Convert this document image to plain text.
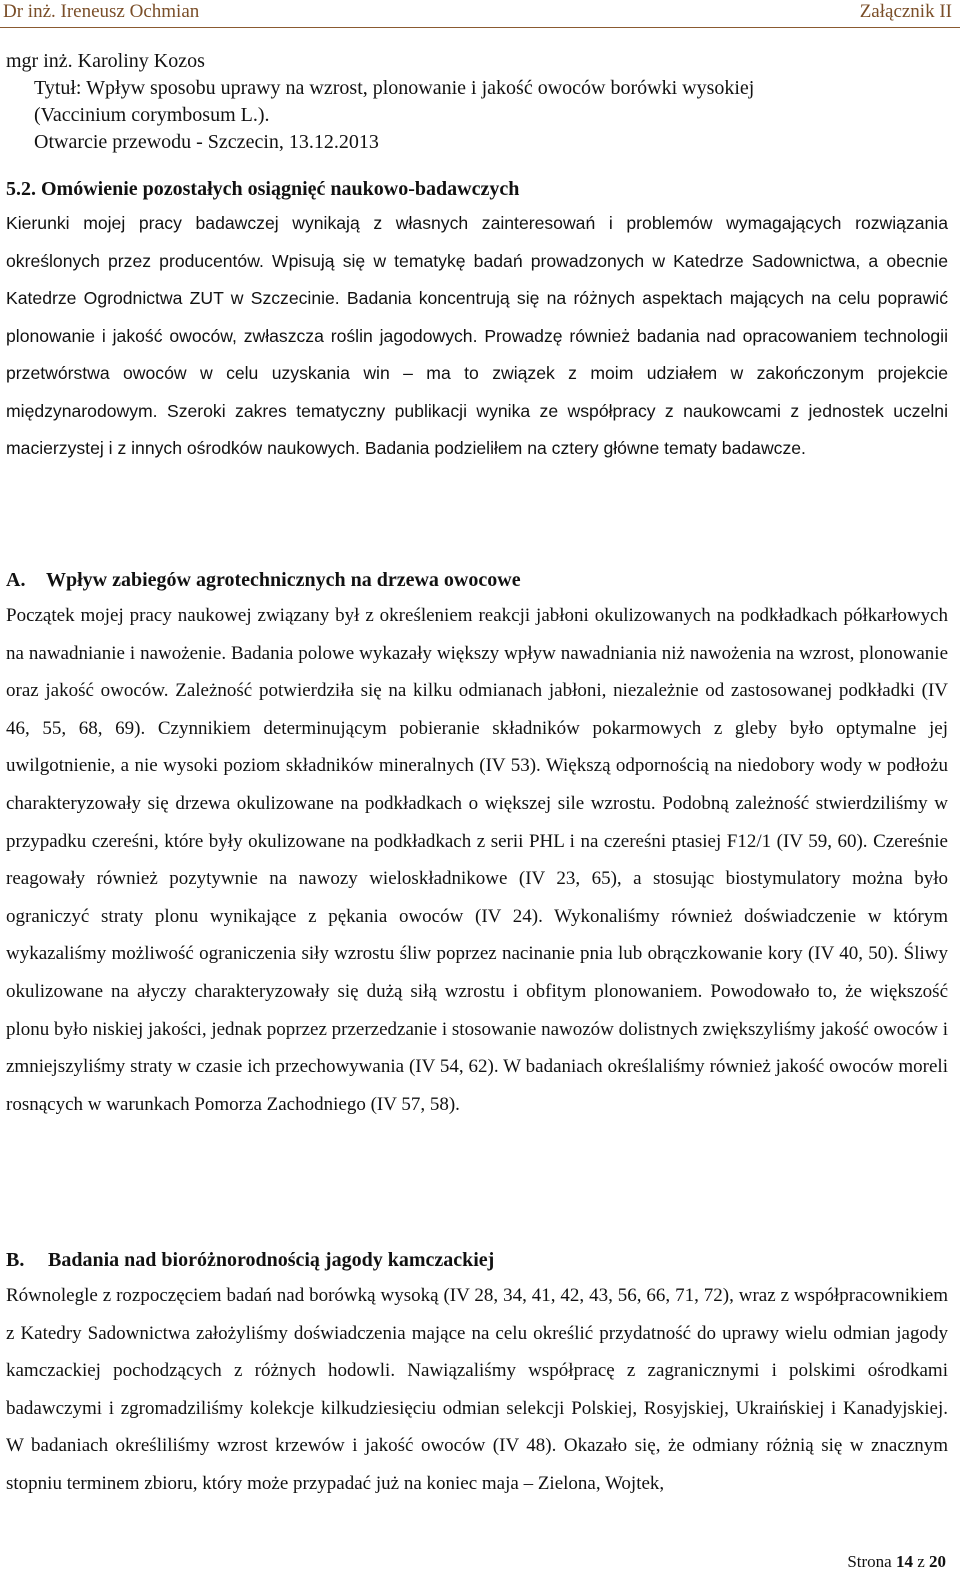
Dr inż. Ireneusz Ochmian	Załącznik II
mgr inż. Karoliny Kozos
Tytuł: Wpływ sposobu uprawy na wzrost, plonowanie i jakość owoców borówki wysokiej
(Vaccinium corymbosum L.).
Otwarcie przewodu - Szczecin, 13.12.2013
5.2. Omówienie pozostałych osiągnięć naukowo-badawczych
Kierunki mojej pracy badawczej wynikają z własnych zainteresowań i problemów wymagających rozwiązania określonych przez producentów. Wpisują się w tematykę badań prowadzonych w Katedrze Sadownictwa, a obecnie Katedrze Ogrodnictwa ZUT w Szczecinie. Badania koncentrują się na różnych aspektach mających na celu poprawić plonowanie i jakość owoców, zwłaszcza roślin jagodowych. Prowadzę również badania nad opracowaniem technologii przetwórstwa owoców w celu uzyskania win – ma to związek z moim udziałem w zakończonym projekcie międzynarodowym. Szeroki zakres tematyczny publikacji wynika ze współpracy z naukowcami z jednostek uczelni macierzystej i z innych ośrodków naukowych. Badania podzieliłem na cztery główne tematy badawcze.
A. Wpływ zabiegów agrotechnicznych na drzewa owocowe
Początek mojej pracy naukowej związany był z określeniem reakcji jabłoni okulizowanych na podkładkach półkarłowych na nawadnianie i nawożenie. Badania polowe wykazały większy wpływ nawadniania niż nawożenia na wzrost, plonowanie oraz jakość owoców. Zależność potwierdziła się na kilku odmianach jabłoni, niezależnie od zastosowanej podkładki (IV 46, 55, 68, 69). Czynnikiem determinującym pobieranie składników pokarmowych z gleby było optymalne jej uwilgotnienie, a nie wysoki poziom składników mineralnych (IV 53). Większą odpornością na niedobory wody w podłożu charakteryzowały się drzewa okulizowane na podkładkach o większej sile wzrostu. Podobną zależność stwierdziliśmy w przypadku czereśni, które były okulizowane na podkładkach z serii PHL i na czereśni ptasiej F12/1 (IV 59, 60). Czereśnie reagowały również pozytywnie na nawozy wieloskładnikowe (IV 23, 65), a stosując biostymulatory można było ograniczyć straty plonu wynikające z pękania owoców (IV 24). Wykonaliśmy również doświadczenie w którym wykazaliśmy możliwość ograniczenia siły wzrostu śliw poprzez nacinanie pnia lub obrączkowanie kory (IV 40, 50). Śliwy okulizowane na ałyczy charakteryzowały się dużą siłą wzrostu i obfitym plonowaniem. Powodowało to, że większość plonu było niskiej jakości, jednak poprzez przerzedzanie i stosowanie nawozów dolistnych zwiększyliśmy jakość owoców i zmniejszyliśmy straty w czasie ich przechowywania (IV 54, 62). W badaniach określaliśmy również jakość owoców moreli rosnących w warunkach Pomorza Zachodniego (IV 57, 58).
B. Badania nad bioróżnorodnością jagody kamczackiej
Równolegle z rozpoczęciem badań nad borówką wysoką (IV 28, 34, 41, 42, 43, 56, 66, 71, 72), wraz z współpracownikiem z Katedry Sadownictwa założyliśmy doświadczenia mające na celu określić przydatność do uprawy wielu odmian jagody kamczackiej pochodzących z różnych hodowli. Nawiązaliśmy współpracę z zagranicznymi i polskimi ośrodkami badawczymi i zgromadziliśmy kolekcje kilkudziesięciu odmian selekcji Polskiej, Rosyjskiej, Ukraińskiej i Kanadyjskiej. W badaniach określiliśmy wzrost krzewów i jakość owoców (IV 48). Okazało się, że odmiany różnią się w znacznym stopniu terminem zbioru, który może przypadać już na koniec maja – Zielona, Wojtek,
Strona 14 z 20
